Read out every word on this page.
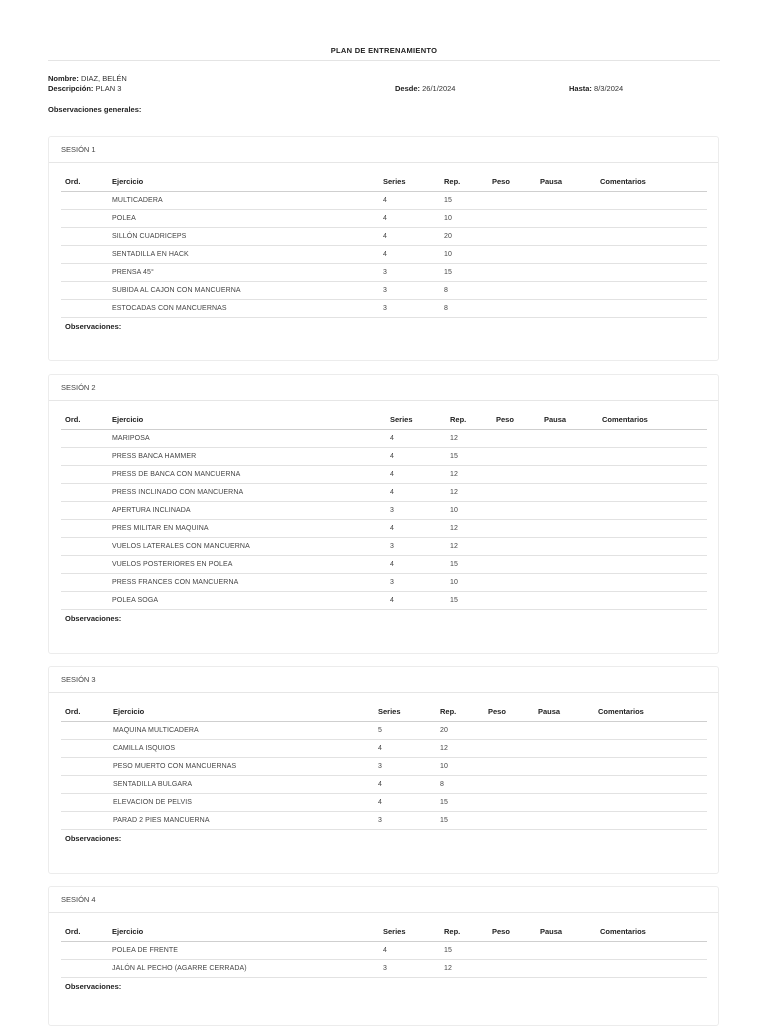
PLAN DE ENTRENAMIENTO
Nombre: DIAZ, BELÉN
Descripción: PLAN 3	Desde: 26/1/2024	Hasta: 8/3/2024
Observaciones generales:
SESIÓN 1
Ord.	Ejercicio	Series	Rep.	Peso	Pausa	Comentarios
MULTICADERA	4	15
POLEA	4	10
SILLÓN CUADRICEPS	4	20
SENTADILLA EN HACK	4	10
PRENSA 45°	3	15
SUBIDA AL CAJON CON MANCUERNA	3	8
ESTOCADAS CON MANCUERNAS	3	8
Observaciones:
SESIÓN 2
Ord.	Ejercicio	Series	Rep.	Peso	Pausa	Comentarios
MARIPOSA	4	12
PRESS BANCA HAMMER	4	15
PRESS DE BANCA CON MANCUERNA	4	12
PRESS INCLINADO CON MANCUERNA	4	12
APERTURA INCLINADA	3	10
PRES MILITAR EN MAQUINA	4	12
VUELOS LATERALES CON MANCUERNA	3	12
VUELOS POSTERIORES EN POLEA	4	15
PRESS FRANCES CON MANCUERNA	3	10
POLEA SOGA	4	15
Observaciones:
SESIÓN 3
Ord.	Ejercicio	Series	Rep.	Peso	Pausa	Comentarios
MAQUINA MULTICADERA	5	20
CAMILLA ISQUIOS	4	12
PESO MUERTO CON MANCUERNAS	3	10
SENTADILLA BULGARA	4	8
ELEVACION DE PELVIS	4	15
PARAD 2 PIES MANCUERNA	3	15
Observaciones:
SESIÓN 4
Ord.	Ejercicio	Series	Rep.	Peso	Pausa	Comentarios
POLEA DE FRENTE	4	15
JALÓN AL PECHO (AGARRE CERRADA)	3	12
Observaciones:
